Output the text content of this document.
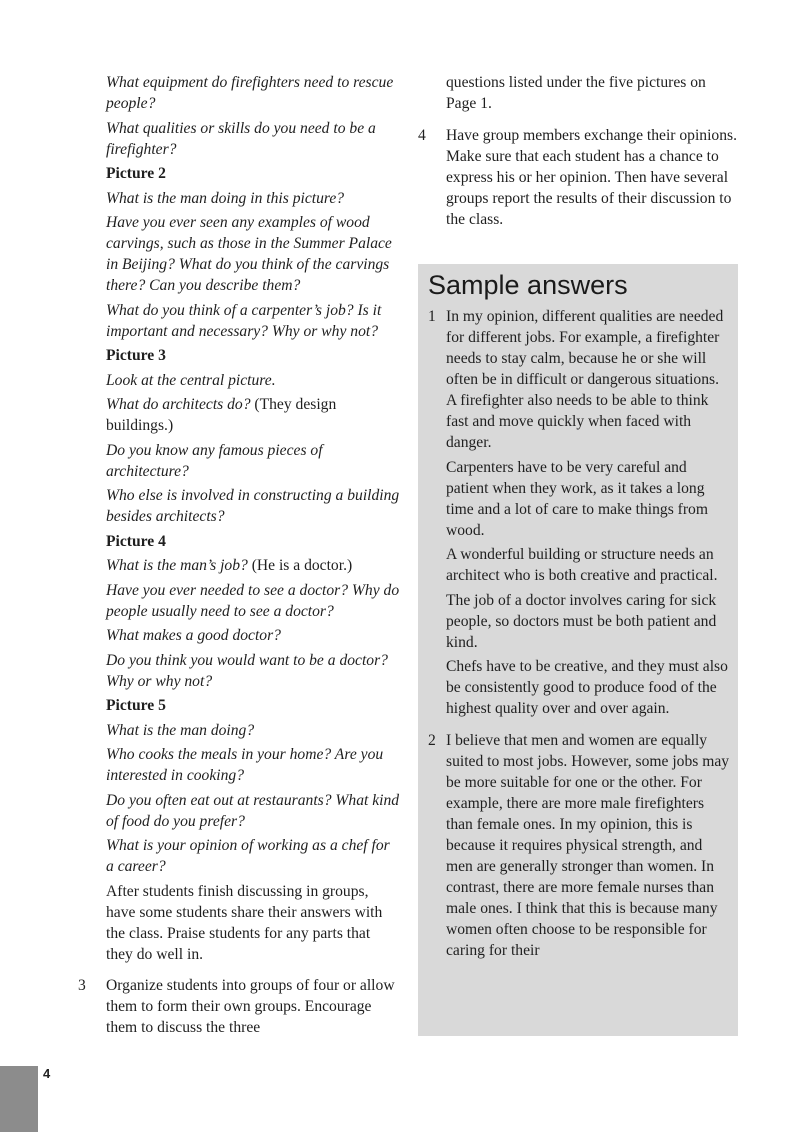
What equipment do firefighters need to rescue people?

What qualities or skills do you need to be a firefighter?

Picture 2

What is the man doing in this picture?

Have you ever seen any examples of wood carvings, such as those in the Summer Palace in Beijing? What do you think of the carvings there? Can you describe them?

What do you think of a carpenter’s job? Is it important and necessary? Why or why not?

Picture 3

Look at the central picture.

What do architects do? (They design buildings.)

Do you know any famous pieces of architecture?

Who else is involved in constructing a building besides architects?

Picture 4

What is the man’s job? (He is a doctor.)

Have you ever needed to see a doctor? Why do people usually need to see a doctor?

What makes a good doctor?

Do you think you would want to be a doctor? Why or why not?

Picture 5

What is the man doing?

Who cooks the meals in your home? Are you interested in cooking?

Do you often eat out at restaurants? What kind of food do you prefer?

What is your opinion of working as a chef for a career?

After students finish discussing in groups, have some students share their answers with the class. Praise students for any parts that they do well in.

3 Organize students into groups of four or allow them to form their own groups. Encourage them to discuss the three

questions listed under the five pictures on Page 1.

4 Have group members exchange their opinions. Make sure that each student has a chance to express his or her opinion. Then have several groups report the results of their discussion to the class.

Sample answers

1 In my opinion, different qualities are needed for different jobs. For example, a firefighter needs to stay calm, because he or she will often be in difficult or dangerous situations. A firefighter also needs to be able to think fast and move quickly when faced with danger.

Carpenters have to be very careful and patient when they work, as it takes a long time and a lot of care to make things from wood.

A wonderful building or structure needs an architect who is both creative and practical.

The job of a doctor involves caring for sick people, so doctors must be both patient and kind.

Chefs have to be creative, and they must also be consistently good to produce food of the highest quality over and over again.

2 I believe that men and women are equally suited to most jobs. However, some jobs may be more suitable for one or the other. For example, there are more male firefighters than female ones. In my opinion, this is because it requires physical strength, and men are generally stronger than women. In contrast, there are more female nurses than male ones. I think that this is because many women often choose to be responsible for caring for their

4
